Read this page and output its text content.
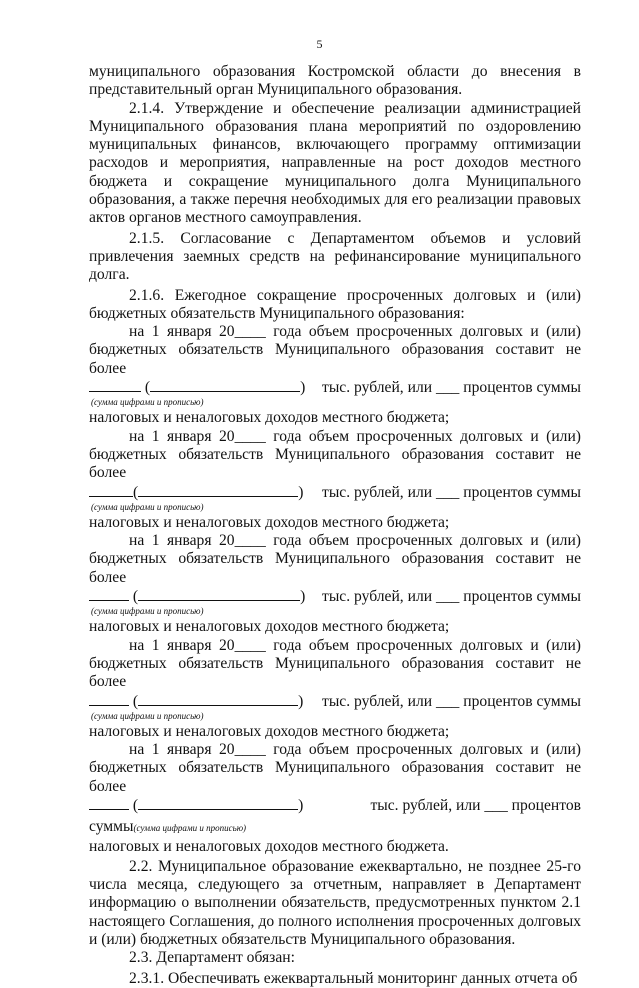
5

муниципального образования Костромской области до внесения в представительный орган Муниципального образования.

2.1.4. Утверждение и обеспечение реализации администрацией Муниципального образования плана мероприятий по оздоровлению муниципальных финансов, включающего программу оптимизации расходов и мероприятия, направленные на рост доходов местного бюджета и сокращение муниципального долга Муниципального образования, а также перечня необходимых для его реализации правовых актов органов местного самоуправления.

2.1.5. Согласование с Департаментом объемов и условий привлечения заемных средств на рефинансирование муниципального долга.

2.1.6. Ежегодное сокращение просроченных долговых и (или) бюджетных обязательств Муниципального образования:

на 1 января 20____ года объем просроченных долговых и (или) бюджетных обязательств Муниципального образования составит не более

(	) тыс. рублей, или ___ процентов суммы
(сумма цифрами и прописью)

налоговых и неналоговых доходов местного бюджета;

на 1 января 20____ года объем просроченных долговых и (или) бюджетных обязательств Муниципального образования составит не более

(	) тыс. рублей, или ___ процентов суммы
(сумма цифрами и прописью)

налоговых и неналоговых доходов местного бюджета;

на 1 января 20____ года объем просроченных долговых и (или) бюджетных обязательств Муниципального образования составит не более

(	) тыс. рублей, или ___ процентов суммы
(сумма цифрами и прописью)

налоговых и неналоговых доходов местного бюджета;

на 1 января 20____ года объем просроченных долговых и (или) бюджетных обязательств Муниципального образования составит не более

(	) тыс. рублей, или ___ процентов суммы
(сумма цифрами и прописью)

налоговых и неналоговых доходов местного бюджета;

на 1 января 20____ года объем просроченных долговых и (или) бюджетных обязательств Муниципального образования составит не более

(	)	тыс. рублей, или ___ процентов

суммы(сумма цифрами и прописью)

налоговых и неналоговых доходов местного бюджета.

2.2. Муниципальное образование ежеквартально, не позднее 25-го числа месяца, следующего за отчетным, направляет в Департамент информацию о выполнении обязательств, предусмотренных пунктом 2.1 настоящего Соглашения, до полного исполнения просроченных долговых и (или) бюджетных обязательств Муниципального образования.

2.3. Департамент обязан:

2.3.1. Обеспечивать ежеквартальный мониторинг данных отчета об
